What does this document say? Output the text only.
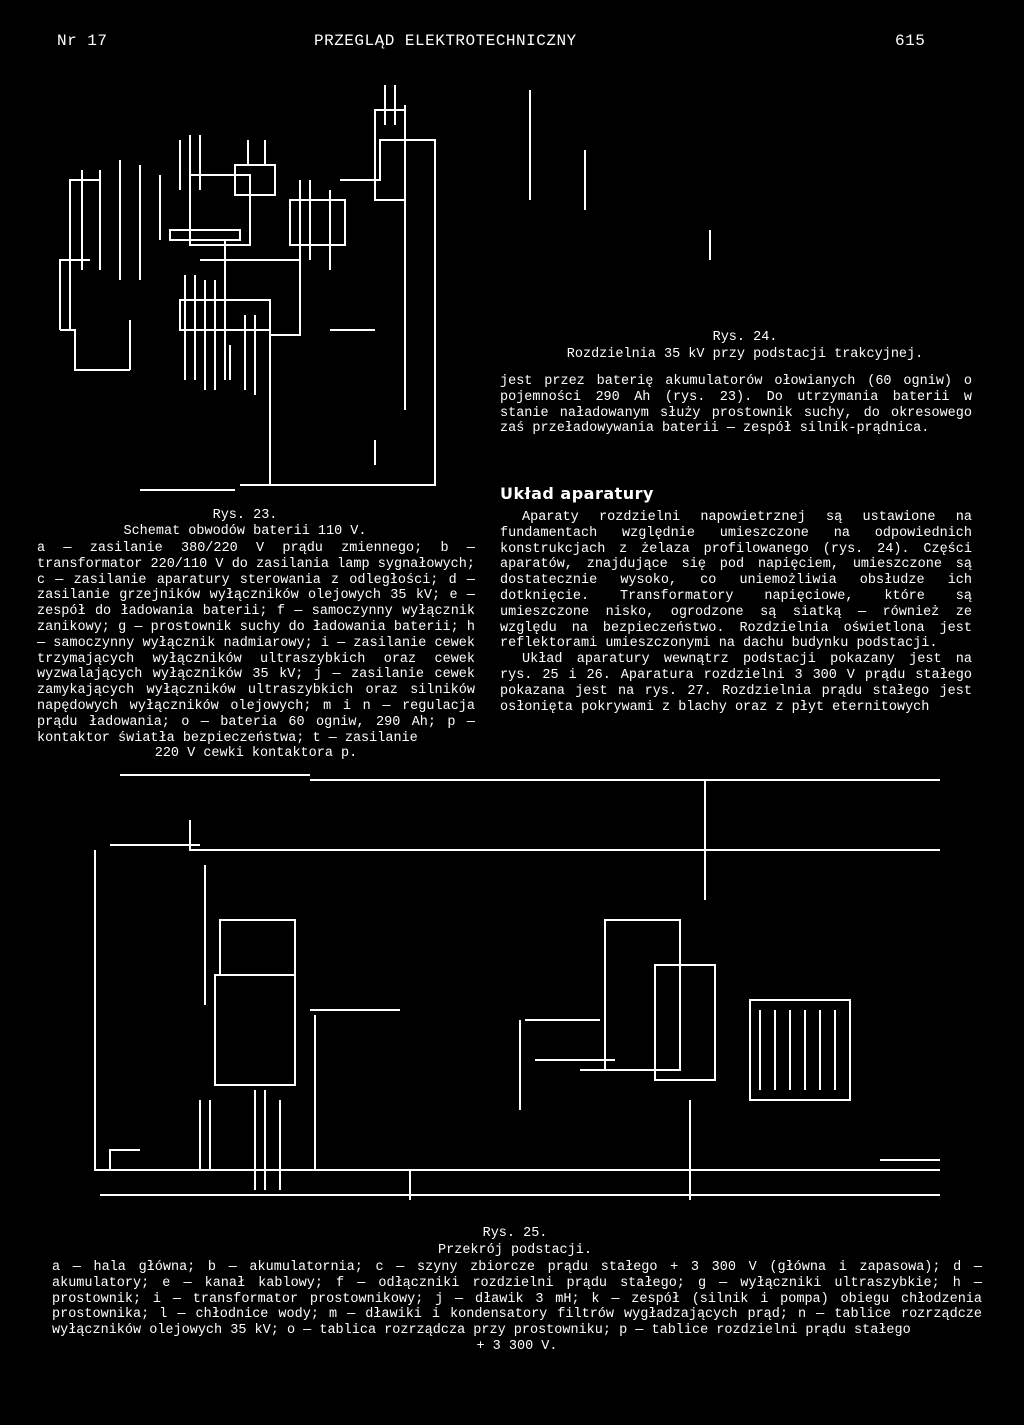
Nr 17	PRZEGLĄD ELEKTROTECHNICZNY	615
Rys. 23.
Schemat obwodów baterii 110 V.
a — zasilanie 380/220 V prądu zmiennego; b — transformator 220/110 V do zasilania lamp sygnałowych; c — zasilanie aparatury sterowania z odległości; d — zasilanie grzejników wyłączników olejowych 35 kV; e — zespół do ładowania baterii; f — samoczynny wyłącznik zanikowy; g — prostownik suchy do ładowania baterii; h — samoczynny wyłącznik nadmiarowy; i — zasilanie cewek trzymających wyłączników ultraszybkich oraz cewek wyzwalających wyłączników 35 kV; j — zasilanie cewek zamykających wyłączników ultraszybkich oraz silników napędowych wyłączników olejowych; m i n — regulacja prądu ładowania; o — bateria 60 ogniw, 290 Ah; p — kontaktor światła bezpieczeństwa; t — zasilanie
220 V cewki kontaktora p.
Rys. 24.
Rozdzielnia 35 kV przy podstacji trakcyjnej.

jest przez baterię akumulatorów ołowianych (60 ogniw) o pojemności 290 Ah (rys. 23). Do utrzymania baterii w stanie naładowanym służy prostownik suchy, do okresowego zaś przeładowywania baterii — zespół silnik-prądnica.

Układ aparatury

Aparaty rozdzielni napowietrznej są ustawione na fundamentach względnie umieszczone na odpowiednich konstrukcjach z żelaza profilowanego (rys. 24). Części aparatów, znajdujące się pod napięciem, umieszczone są dostatecznie wysoko, co uniemożliwia obsłudze ich dotknięcie. Transformatory napięciowe, które są umieszczone nisko, ogrodzone są siatką — również ze względu na bezpieczeństwo. Rozdzielnia oświetlona jest reflektorami umieszczonymi na dachu budynku podstacji.

Układ aparatury wewnątrz podstacji pokazany jest na rys. 25 i 26. Aparatura rozdzielni 3 300 V prądu stałego pokazana jest na rys. 27. Rozdzielnia prądu stałego jest osłonięta pokrywami z blachy oraz z płyt eternitowych

Rys. 25.
Przekrój podstacji.
a — hala główna; b — akumulatornia; c — szyny zbiorcze prądu stałego + 3 300 V (główna i zapasowa); d — akumulatory; e — kanał kablowy; f — odłączniki rozdzielni prądu stałego; g — wyłączniki ultraszybkie; h — prostownik; i — transformator prostownikowy; j — dławik 3 mH; k — zespół (silnik i pompa) obiegu chłodzenia prostownika; l — chłodnice wody; m — dławiki i kondensatory filtrów wygładzających prąd; n — tablice rozrządcze wyłączników olejowych 35 kV; o — tablica rozrządcza przy prostowniku; p — tablice rozdzielni prądu stałego
+ 3 300 V.
